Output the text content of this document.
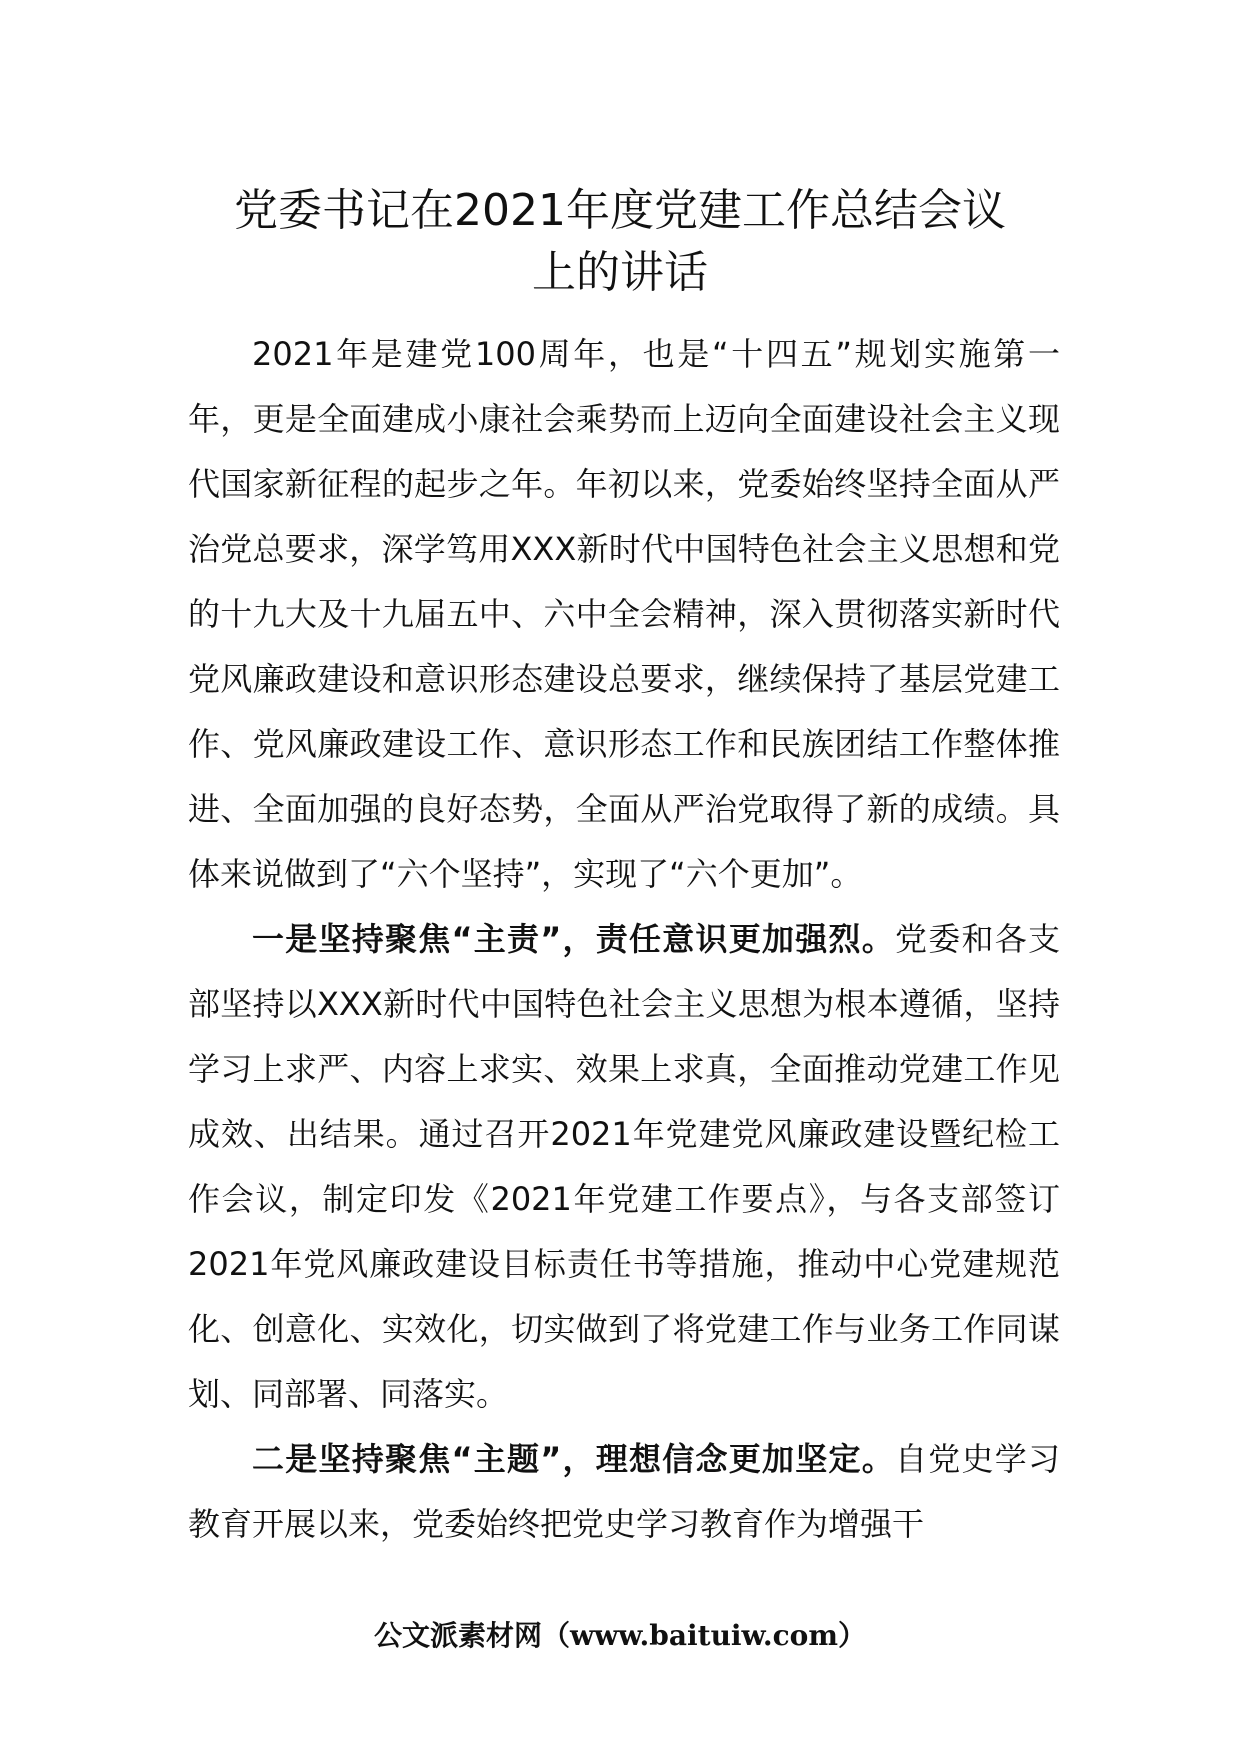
党委书记在2021年度党建工作总结会议
上的讲话

2021年是建党100周年，也是“十四五”规划实施第一年，更是全面建成小康社会乘势而上迈向全面建设社会主义现代国家新征程的起步之年。年初以来，党委始终坚持全面从严治党总要求，深学笃用XXX新时代中国特色社会主义思想和党的十九大及十九届五中、六中全会精神，深入贯彻落实新时代党风廉政建设和意识形态建设总要求，继续保持了基层党建工作、党风廉政建设工作、意识形态工作和民族团结工作整体推进、全面加强的良好态势，全面从严治党取得了新的成绩。具体来说做到了“六个坚持”，实现了“六个更加”。

一是坚持聚焦“主责”，责任意识更加强烈。党委和各支部坚持以XXX新时代中国特色社会主义思想为根本遵循，坚持学习上求严、内容上求实、效果上求真，全面推动党建工作见成效、出结果。通过召开2021年党建党风廉政建设暨纪检工作会议，制定印发《2021年党建工作要点》，与各支部签订2021年党风廉政建设目标责任书等措施，推动中心党建规范化、创意化、实效化，切实做到了将党建工作与业务工作同谋划、同部署、同落实。

二是坚持聚焦“主题”，理想信念更加坚定。自党史学习教育开展以来，党委始终把党史学习教育作为增强干

公文派素材网（www.baituiw.com）
